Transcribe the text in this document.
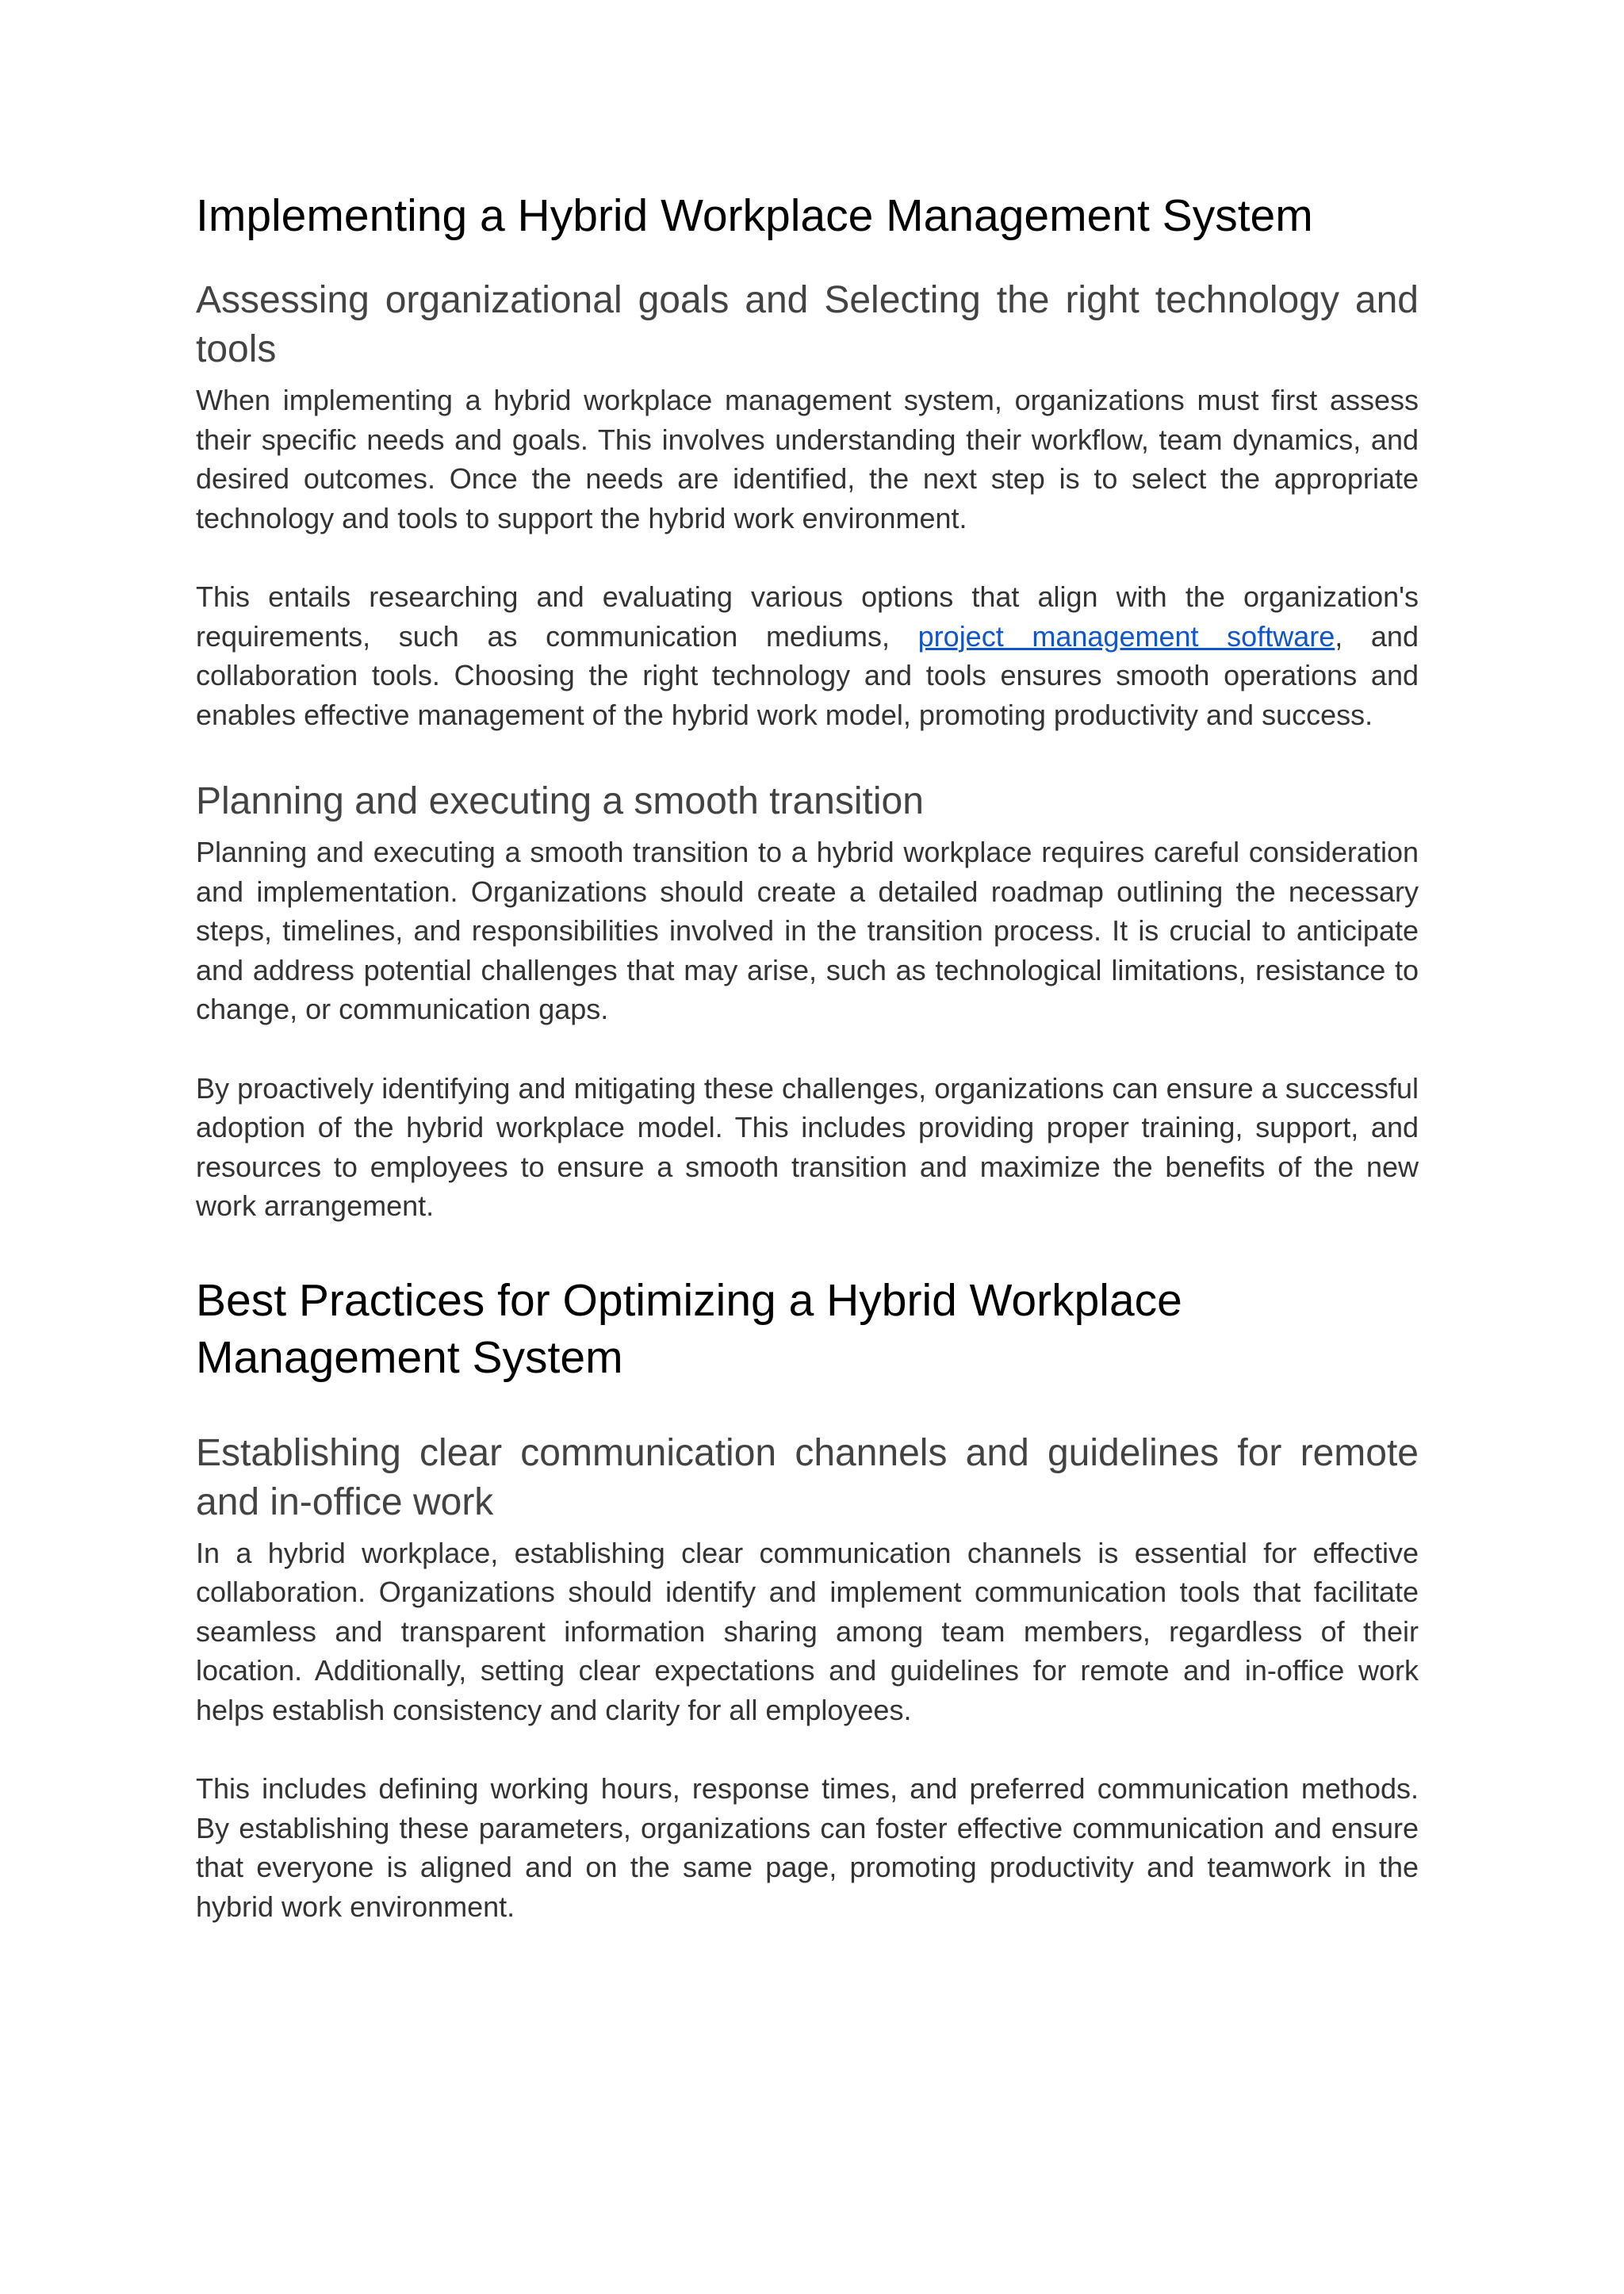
Implementing a Hybrid Workplace Management System
Assessing organizational goals and Selecting the right technology and tools

When implementing a hybrid workplace management system, organizations must first assess their specific needs and goals. This involves understanding their workflow, team dynamics, and desired outcomes. Once the needs are identified, the next step is to select the appropriate technology and tools to support the hybrid work environment.

This entails researching and evaluating various options that align with the organization's requirements, such as communication mediums, project management software, and collaboration tools. Choosing the right technology and tools ensures smooth operations and enables effective management of the hybrid work model, promoting productivity and success.

Planning and executing a smooth transition

Planning and executing a smooth transition to a hybrid workplace requires careful consideration and implementation. Organizations should create a detailed roadmap outlining the necessary steps, timelines, and responsibilities involved in the transition process. It is crucial to anticipate and address potential challenges that may arise, such as technological limitations, resistance to change, or communication gaps.

By proactively identifying and mitigating these challenges, organizations can ensure a successful adoption of the hybrid workplace model. This includes providing proper training, support, and resources to employees to ensure a smooth transition and maximize the benefits of the new work arrangement.

Best Practices for Optimizing a Hybrid Workplace Management System
Establishing clear communication channels and guidelines for remote and in-office work

In a hybrid workplace, establishing clear communication channels is essential for effective collaboration. Organizations should identify and implement communication tools that facilitate seamless and transparent information sharing among team members, regardless of their location. Additionally, setting clear expectations and guidelines for remote and in-office work helps establish consistency and clarity for all employees.

This includes defining working hours, response times, and preferred communication methods. By establishing these parameters, organizations can foster effective communication and ensure that everyone is aligned and on the same page, promoting productivity and teamwork in the hybrid work environment.
